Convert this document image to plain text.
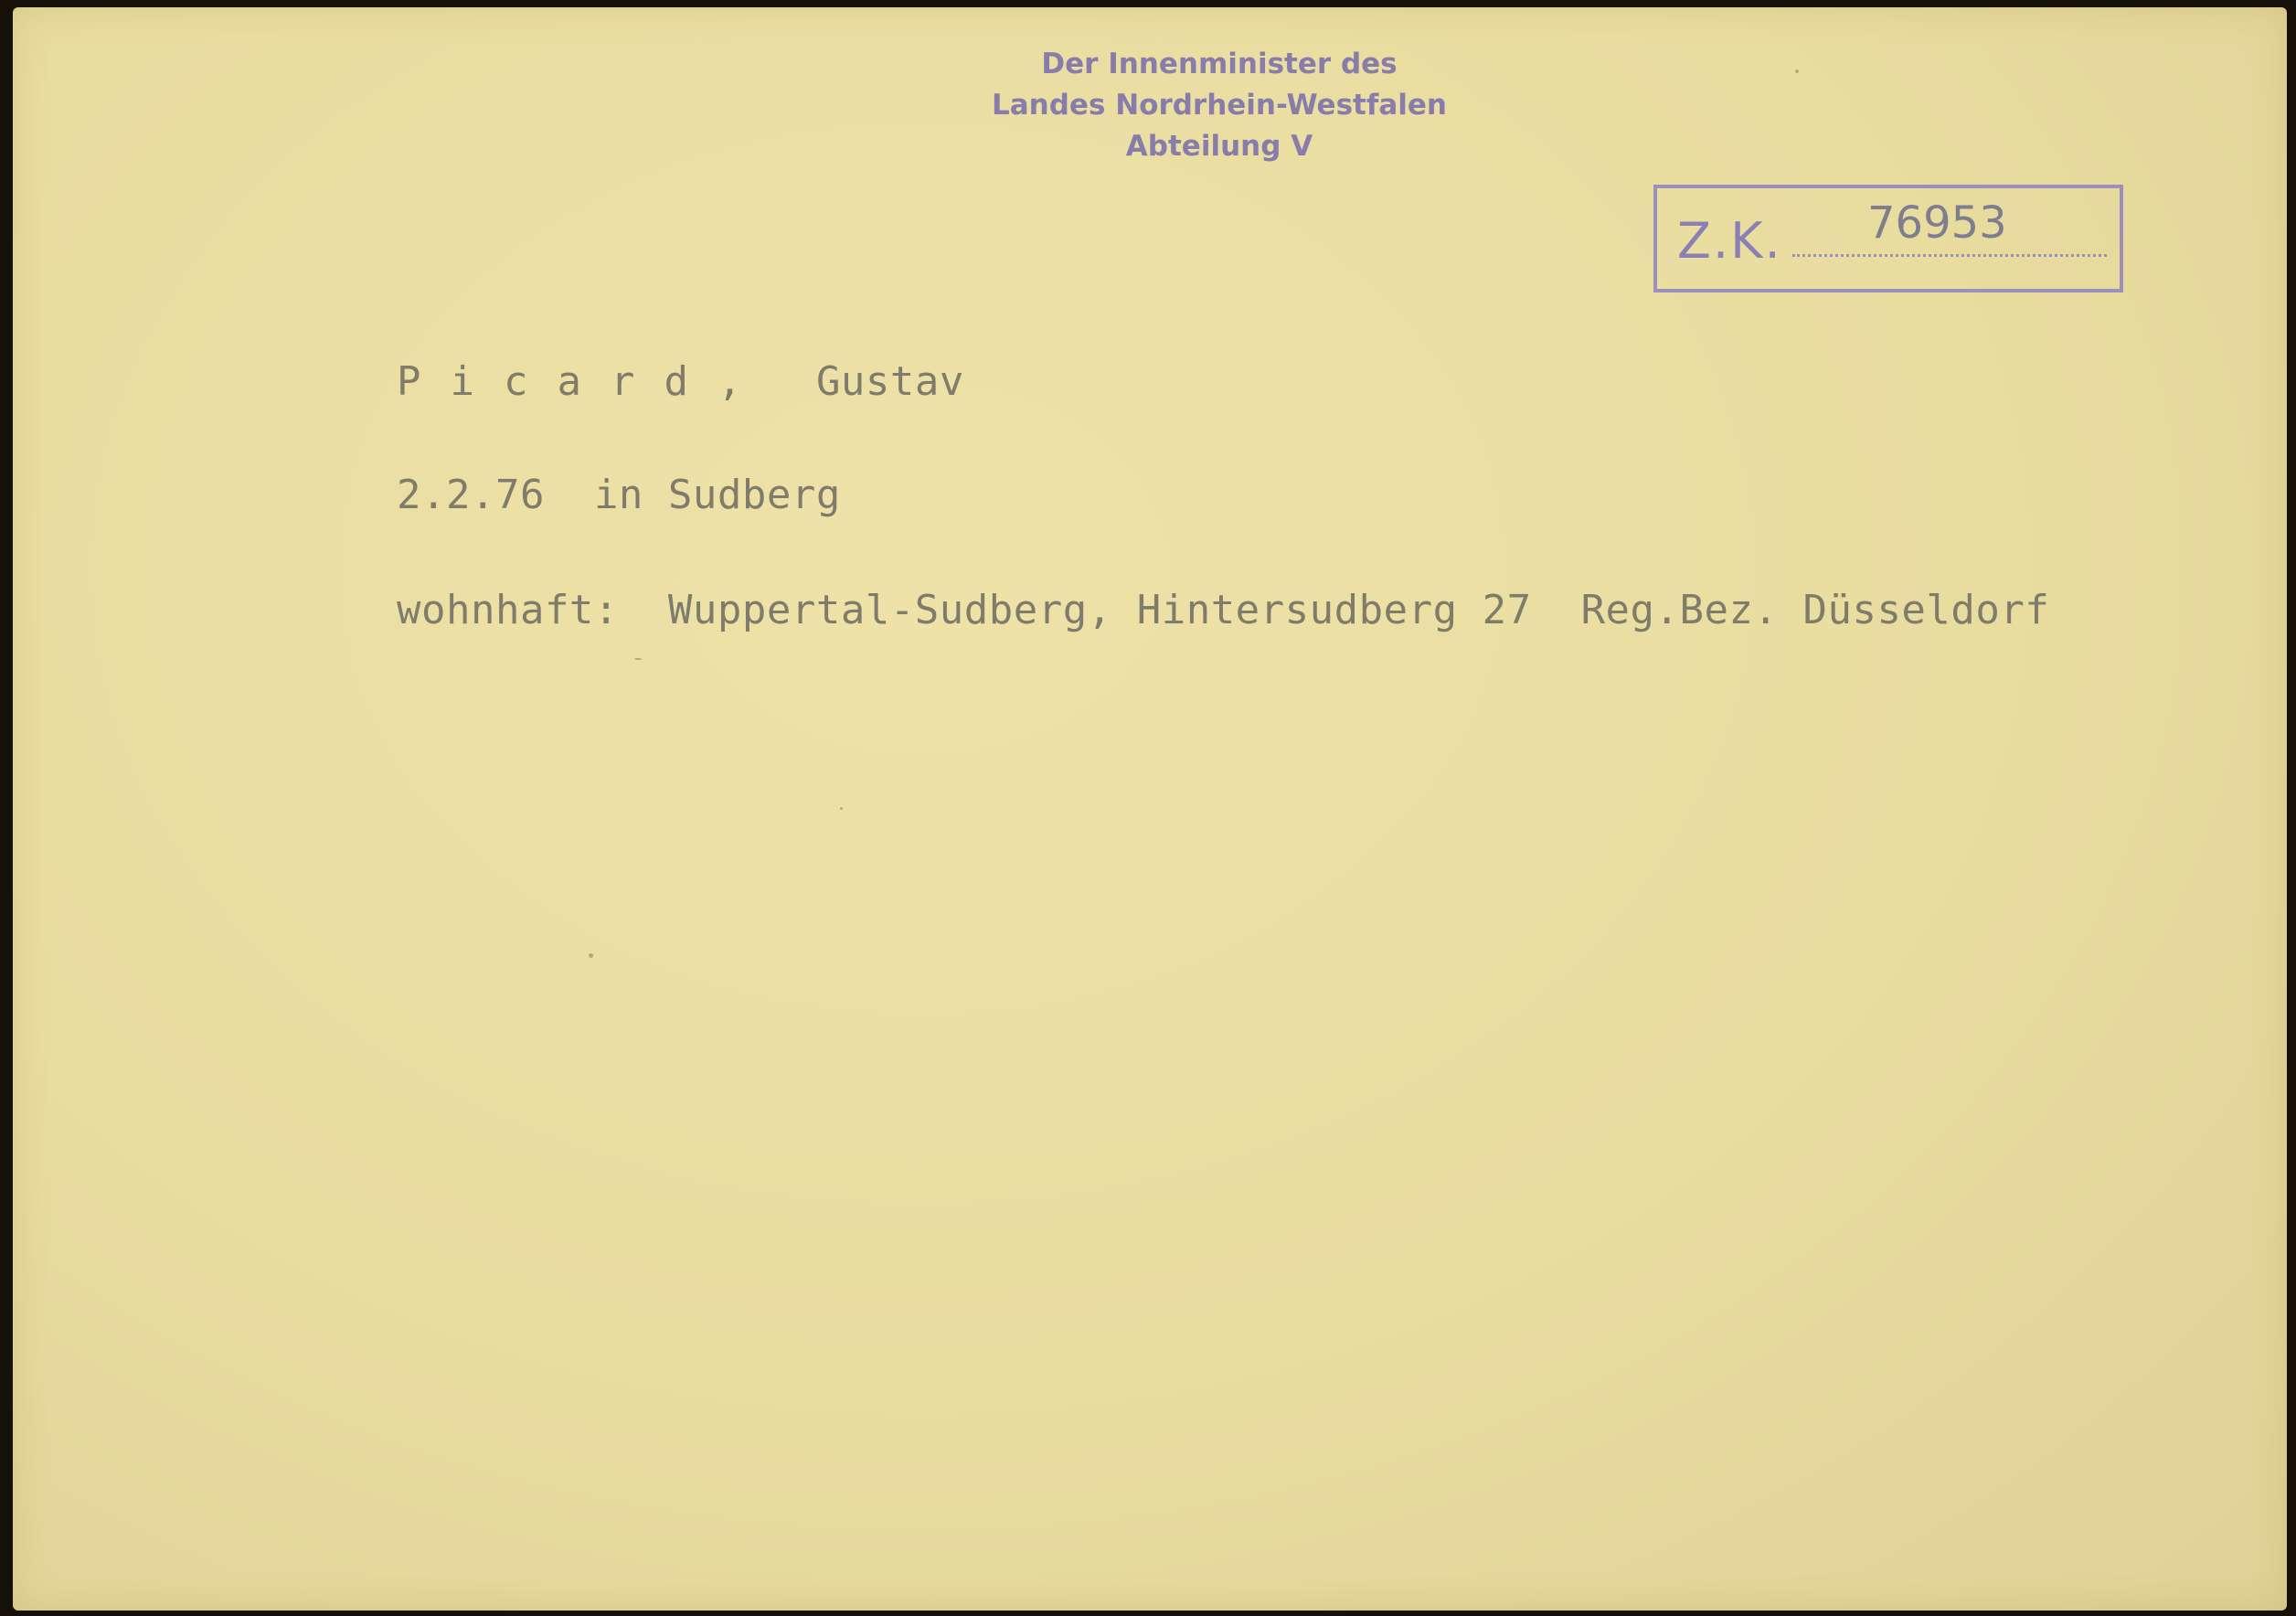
Der Innenminister des
Landes Nordrhein-Westfalen
Abteilung V
Z.K. 76953
Picard, Gustav
2.2.76 in Sudberg
wohnhaft: Wuppertal-Sudberg, Hintersudberg 27 Reg.Bez. Düsseldorf
